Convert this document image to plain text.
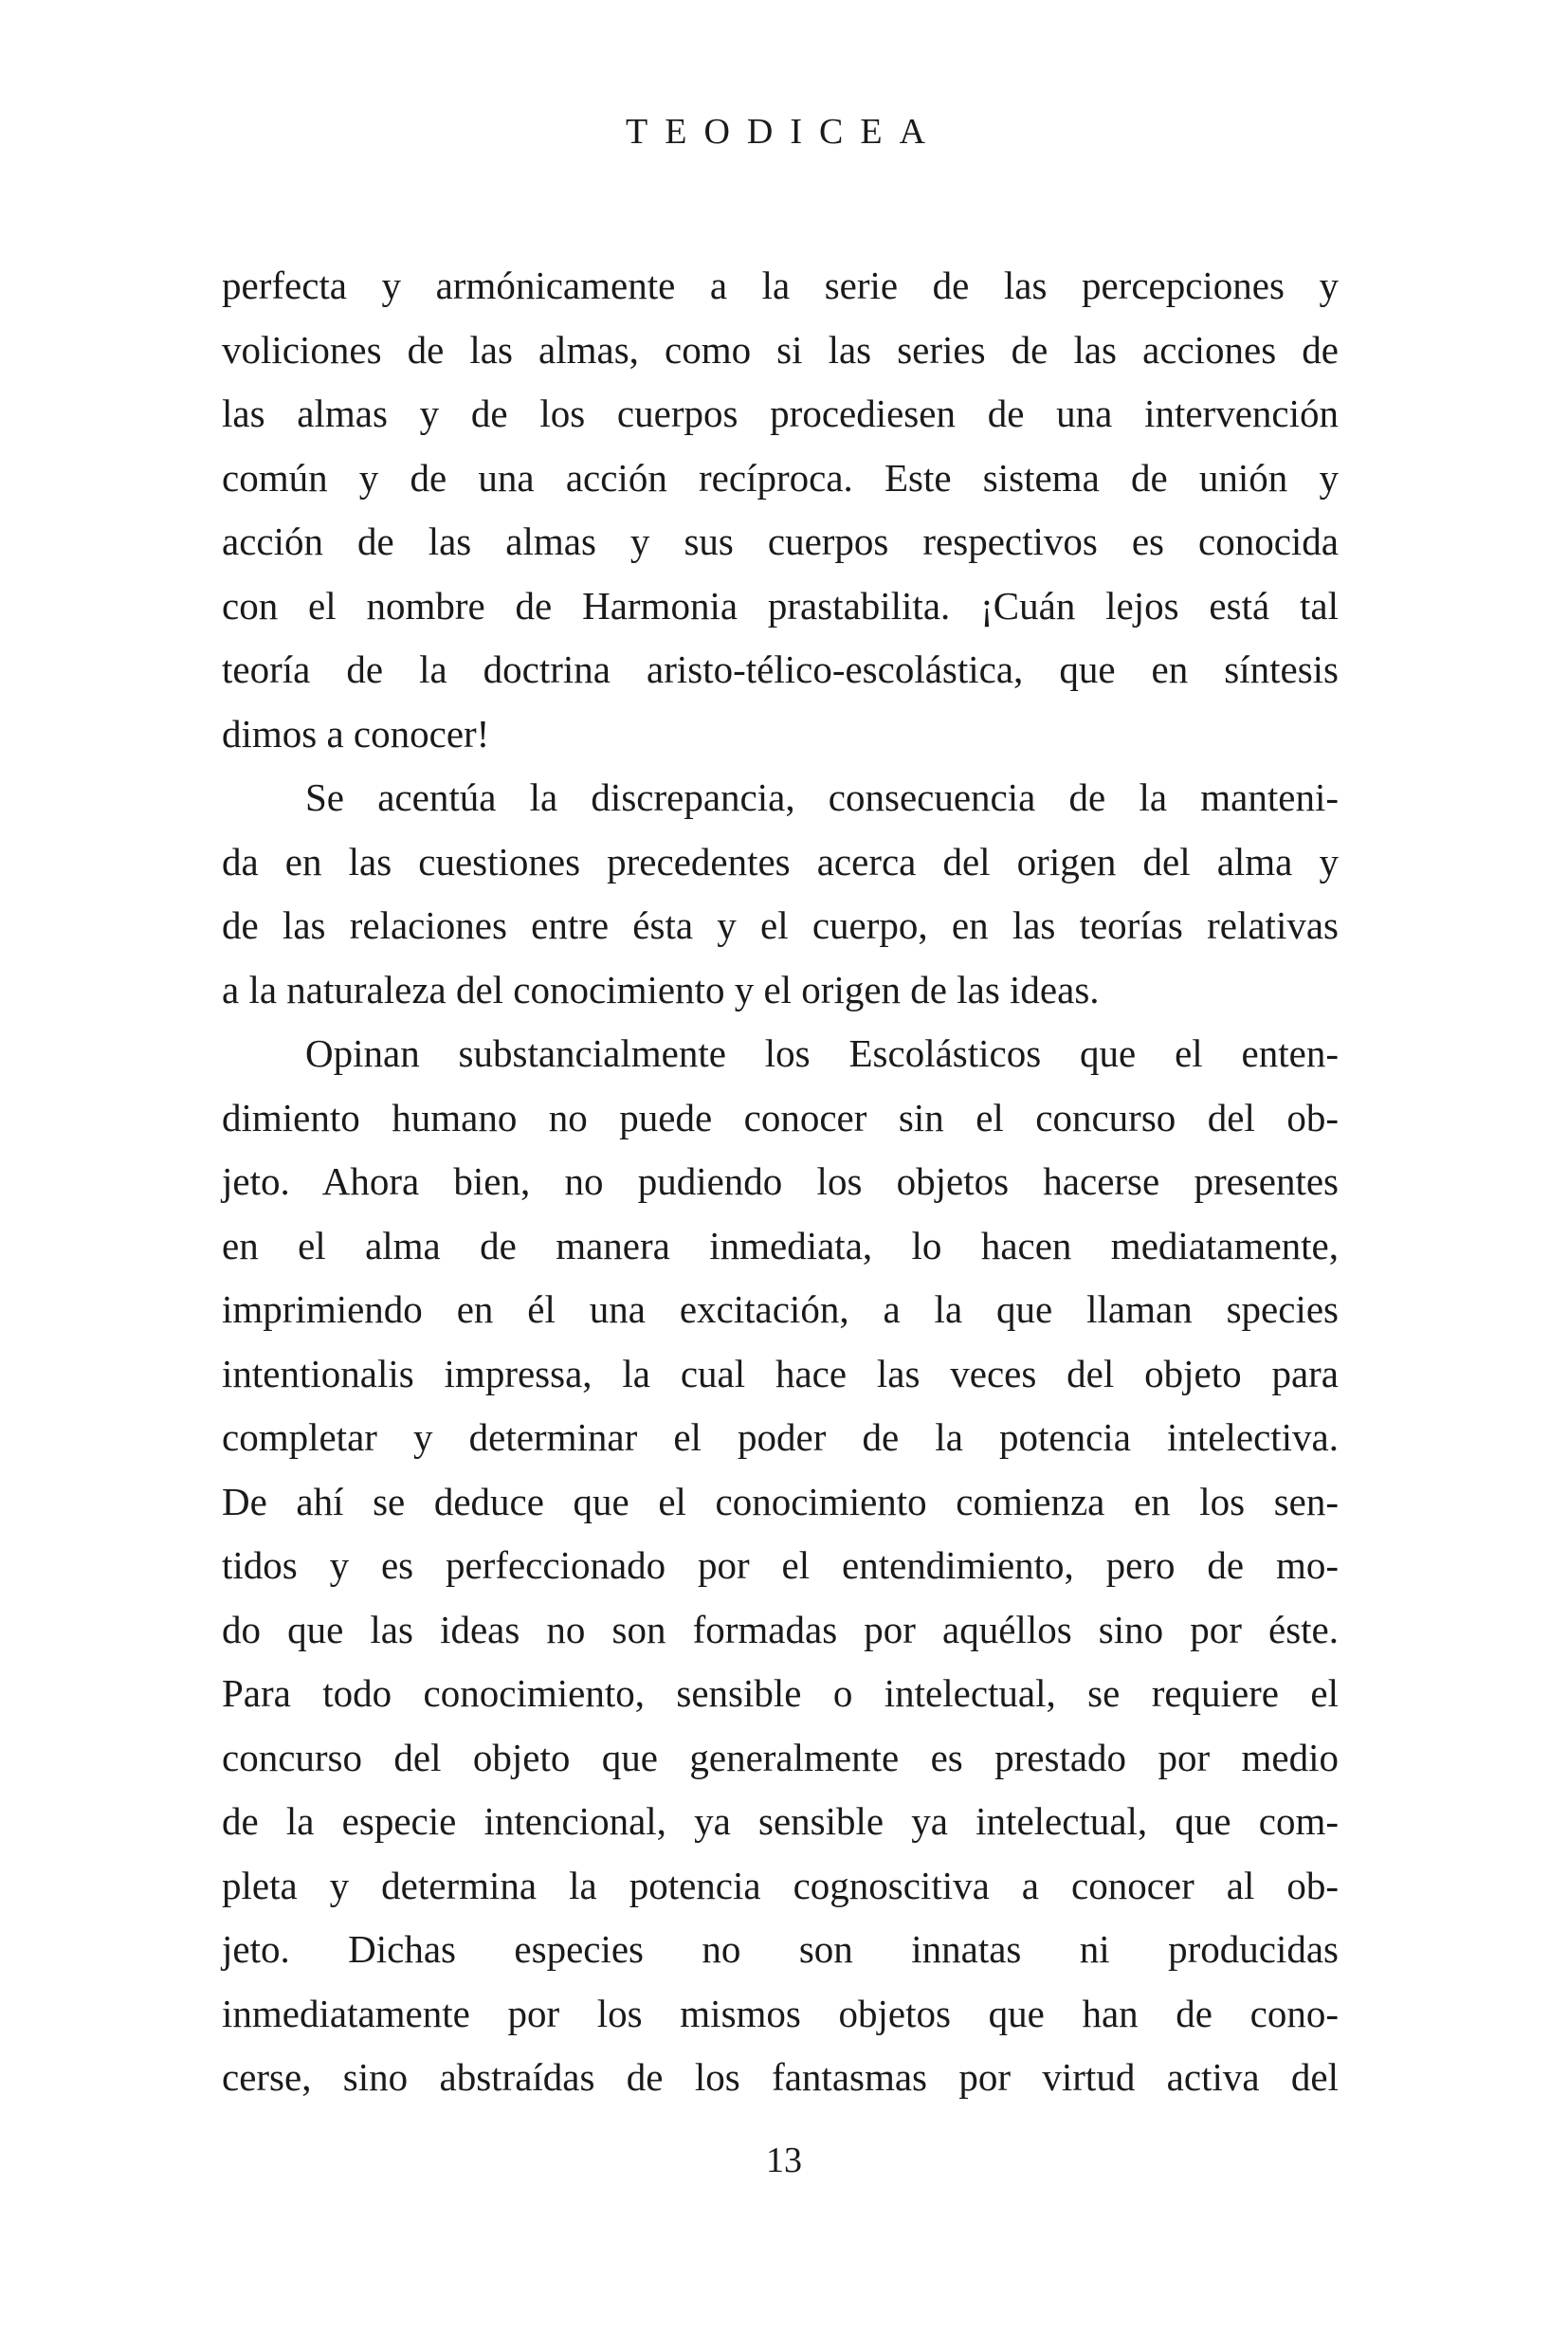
TEODICEA
perfecta y armónicamente a la serie de las percepciones y
voliciones de las almas, como si las series de las acciones de
las almas y de los cuerpos procediesen de una intervención
común y de una acción recíproca. Este sistema de unión y
acción de las almas y sus cuerpos respectivos es conocida
con el nombre de Harmonia prastabilita. ¡Cuán lejos está tal
teoría de la doctrina aristo-télico-escolástica, que en síntesis
dimos a conocer!
Se acentúa la discrepancia, consecuencia de la manteni-
da en las cuestiones precedentes acerca del origen del alma y
de las relaciones entre ésta y el cuerpo, en las teorías relativas
a la naturaleza del conocimiento y el origen de las ideas.
Opinan substancialmente los Escolásticos que el enten-
dimiento humano no puede conocer sin el concurso del ob-
jeto. Ahora bien, no pudiendo los objetos hacerse presentes
en el alma de manera inmediata, lo hacen mediatamente,
imprimiendo en él una excitación, a la que llaman species
intentionalis impressa, la cual hace las veces del objeto para
completar y determinar el poder de la potencia intelectiva.
De ahí se deduce que el conocimiento comienza en los sen-
tidos y es perfeccionado por el entendimiento, pero de mo-
do que las ideas no son formadas por aquéllos sino por éste.
Para todo conocimiento, sensible o intelectual, se requiere el
concurso del objeto que generalmente es prestado por medio
de la especie intencional, ya sensible ya intelectual, que com-
pleta y determina la potencia cognoscitiva a conocer al ob-
jeto. Dichas especies no son innatas ni producidas
inmediatamente por los mismos objetos que han de cono-
cerse, sino abstraídas de los fantasmas por virtud activa del
13
